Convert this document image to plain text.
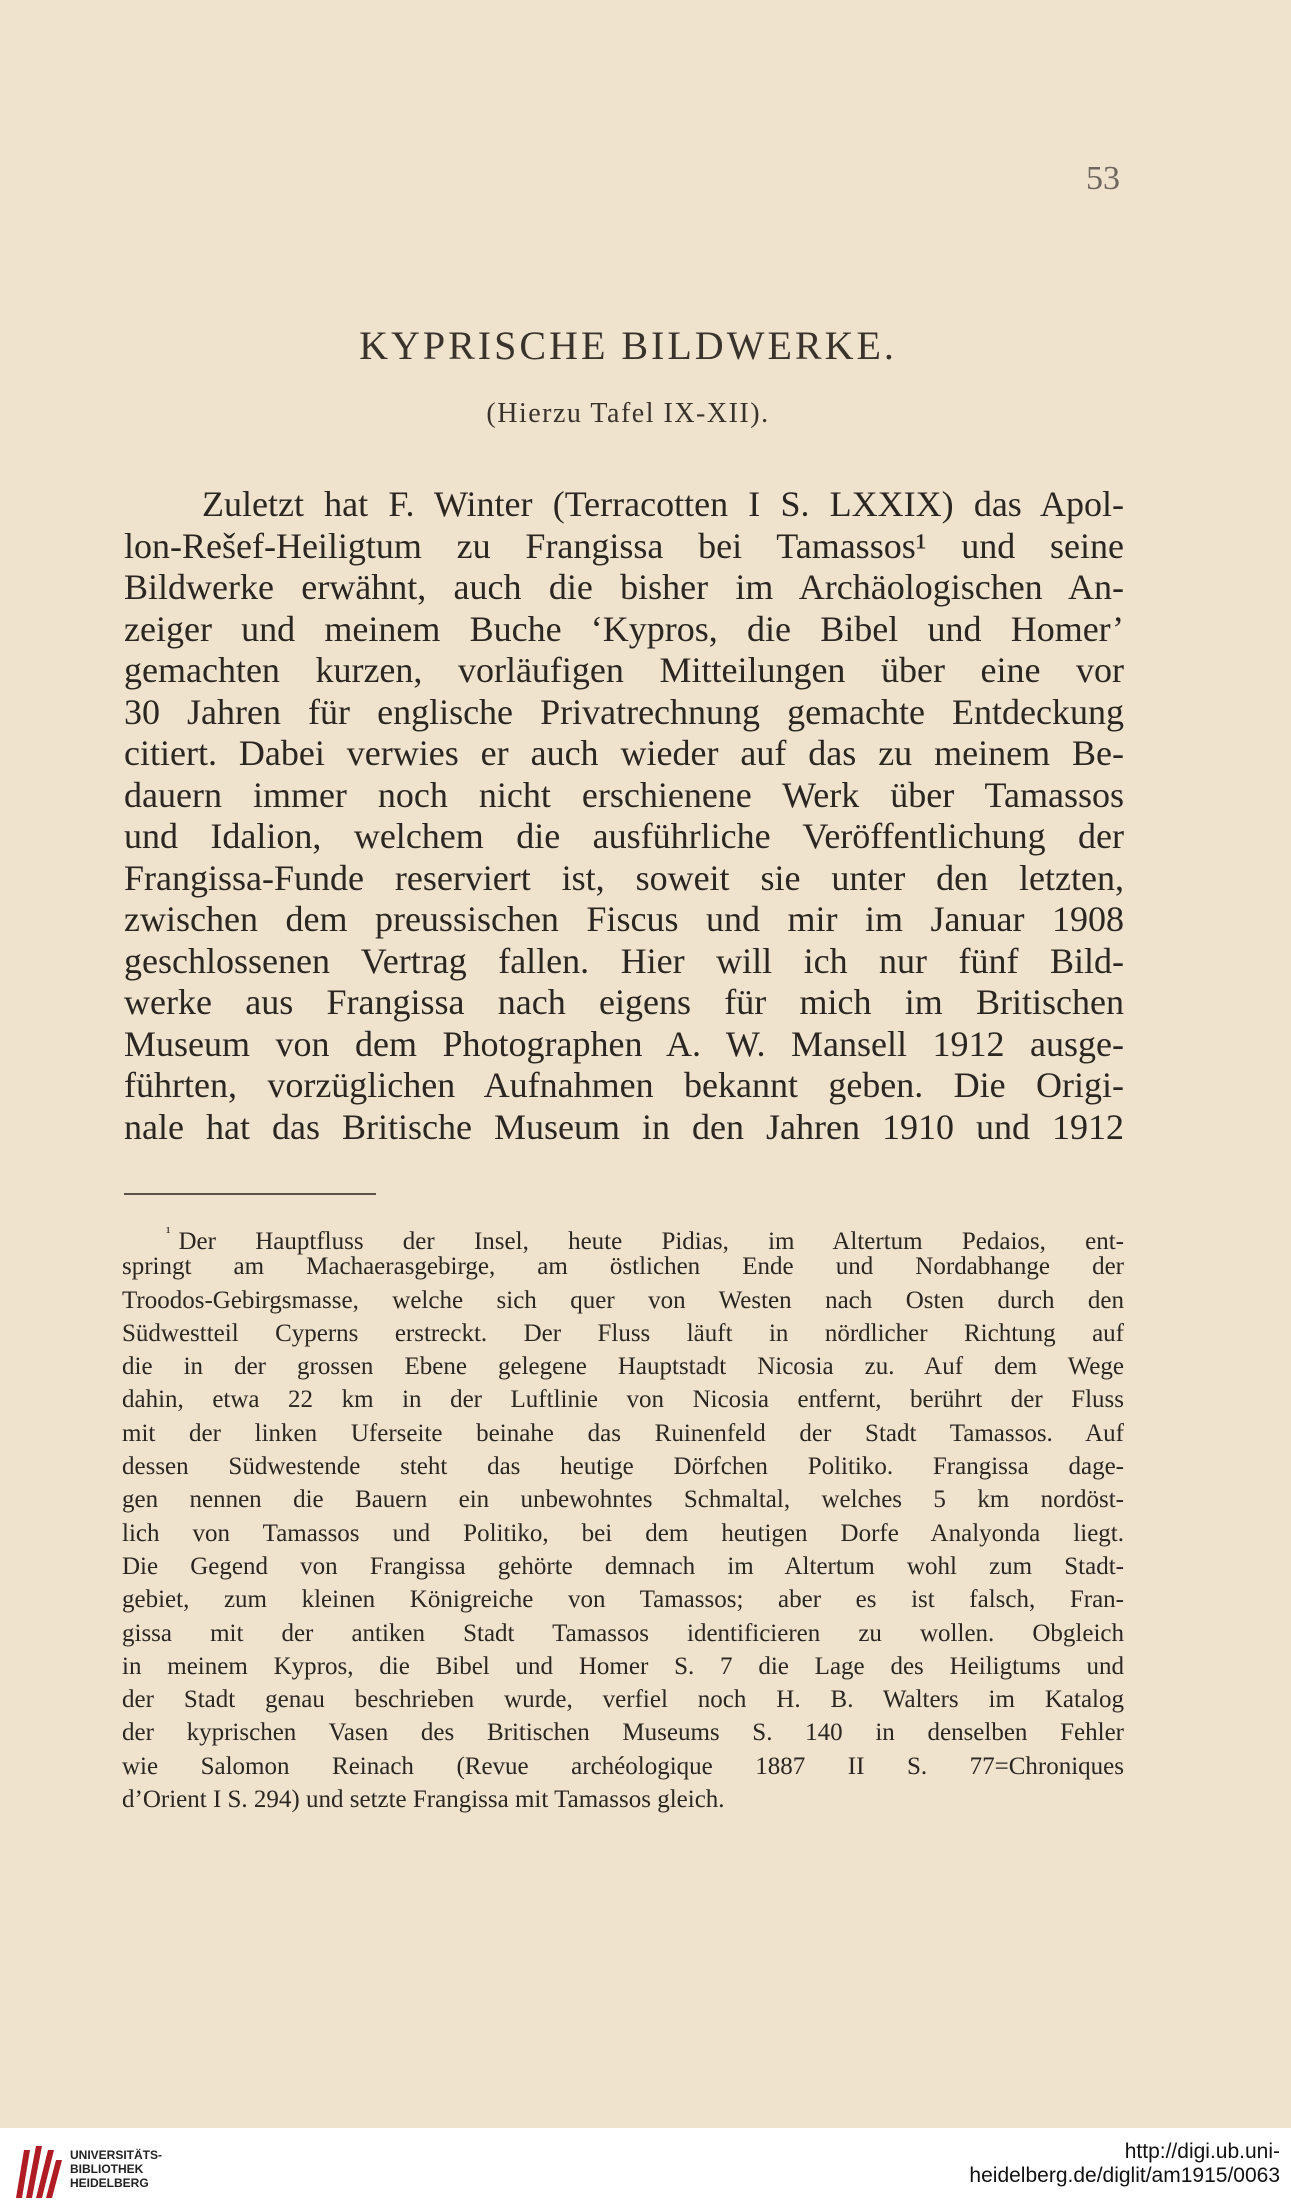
53
KYPRISCHE BILDWERKE.
(Hierzu Tafel IX-XII).
Zuletzt hat F. Winter (Terracotten I S. LXXIX) das Apol-
lon-Rešef-Heiligtum zu Frangissa bei Tamassos¹ und seine
Bildwerke erwähnt, auch die bisher im Archäologischen An-
zeiger und meinem Buche ‘Kypros, die Bibel und Homer’
gemachten kurzen, vorläufigen Mitteilungen über eine vor
30 Jahren für englische Privatrechnung gemachte Entdeckung
citiert. Dabei verwies er auch wieder auf das zu meinem Be-
dauern immer noch nicht erschienene Werk über Tamassos
und Idalion, welchem die ausführliche Veröffentlichung der
Frangissa-Funde reserviert ist, soweit sie unter den letzten,
zwischen dem preussischen Fiscus und mir im Januar 1908
geschlossenen Vertrag fallen. Hier will ich nur fünf Bild-
werke aus Frangissa nach eigens für mich im Britischen
Museum von dem Photographen A. W. Mansell 1912 ausge-
führten, vorzüglichen Aufnahmen bekannt geben. Die Origi-
nale hat das Britische Museum in den Jahren 1910 und 1912
$^{^1}$ Der Hauptfluss der Insel, heute Pidias, im Altertum Pedaios, ent-
springt am Machaerasgebirge, am östlichen Ende und Nordabhange der
Troodos-Gebirgsmasse, welche sich quer von Westen nach Osten durch den
Südwestteil Cyperns erstreckt. Der Fluss läuft in nördlicher Richtung auf
die in der grossen Ebene gelegene Hauptstadt Nicosia zu. Auf dem Wege
dahin, etwa 22 km in der Luftlinie von Nicosia entfernt, berührt der Fluss
mit der linken Uferseite beinahe das Ruinenfeld der Stadt Tamassos. Auf
dessen Südwestende steht das heutige Dörfchen Politiko. Frangissa dage-
gen nennen die Bauern ein unbewohntes Schmaltal, welches 5 km nordöst-
lich von Tamassos und Politiko, bei dem heutigen Dorfe Analyonda liegt.
Die Gegend von Frangissa gehörte demnach im Altertum wohl zum Stadt-
gebiet, zum kleinen Königreiche von Tamassos; aber es ist falsch, Fran-
gissa mit der antiken Stadt Tamassos identificieren zu wollen. Obgleich
in meinem Kypros, die Bibel und Homer S. 7 die Lage des Heiligtums und
der Stadt genau beschrieben wurde, verfiel noch H. B. Walters im Katalog
der kyprischen Vasen des Britischen Museums S. 140 in denselben Fehler
wie Salomon Reinach (Revue archéologique 1887 II S. 77=Chroniques
d’Orient I S. 294) und setzte Frangissa mit Tamassos gleich.
UNIVERSITÄTS-
BIBLIOTHEK
HEIDELBERG
http://digi.ub.uni-heidelberg.de/diglit/am1915/0063
